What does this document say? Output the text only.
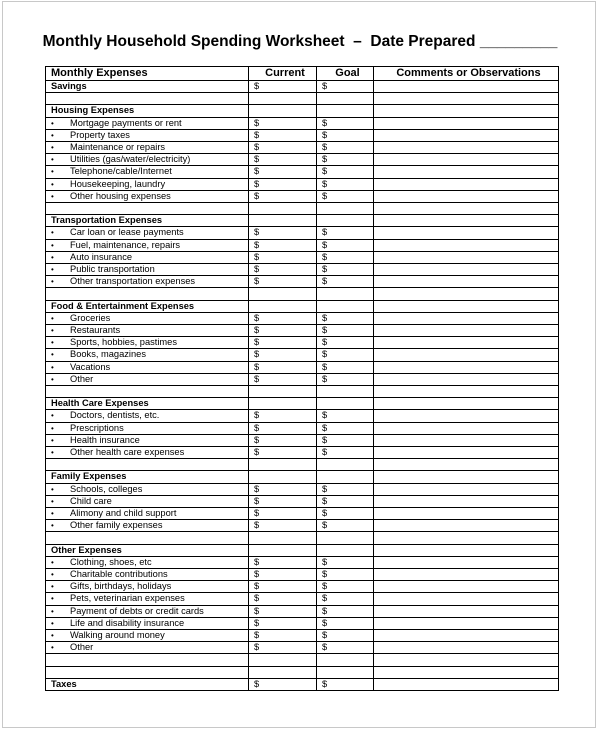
Monthly Household Spending Worksheet  –  Date Prepared _________
Monthly Expenses	Current	Goal	Comments or Observations
Savings	$	$	

Housing Expenses			
• Mortgage payments or rent	$	$	
• Property taxes	$	$	
• Maintenance or repairs	$	$	
• Utilities (gas/water/electricity)	$	$	
• Telephone/cable/Internet	$	$	
• Housekeeping, laundry	$	$	
• Other housing expenses	$	$	

Transportation Expenses			
• Car loan or lease payments	$	$	
• Fuel, maintenance, repairs	$	$	
• Auto insurance	$	$	
• Public transportation	$	$	
• Other transportation expenses	$	$	

Food & Entertainment Expenses			
• Groceries	$	$	
• Restaurants	$	$	
• Sports, hobbies, pastimes	$	$	
• Books, magazines	$	$	
• Vacations	$	$	
• Other	$	$	

Health Care Expenses			
• Doctors, dentists, etc.	$	$	
• Prescriptions	$	$	
• Health insurance	$	$	
• Other health care expenses	$	$	

Family Expenses			
• Schools, colleges	$	$	
• Child care	$	$	
• Alimony and child support	$	$	
• Other family expenses	$	$	

Other Expenses			
• Clothing, shoes, etc	$	$	
• Charitable contributions	$	$	
• Gifts, birthdays, holidays	$	$	
• Pets, veterinarian expenses	$	$	
• Payment of debts or credit cards	$	$	
• Life and disability insurance	$	$	
• Walking around money	$	$	
• Other	$	$	

Taxes	$	$	
